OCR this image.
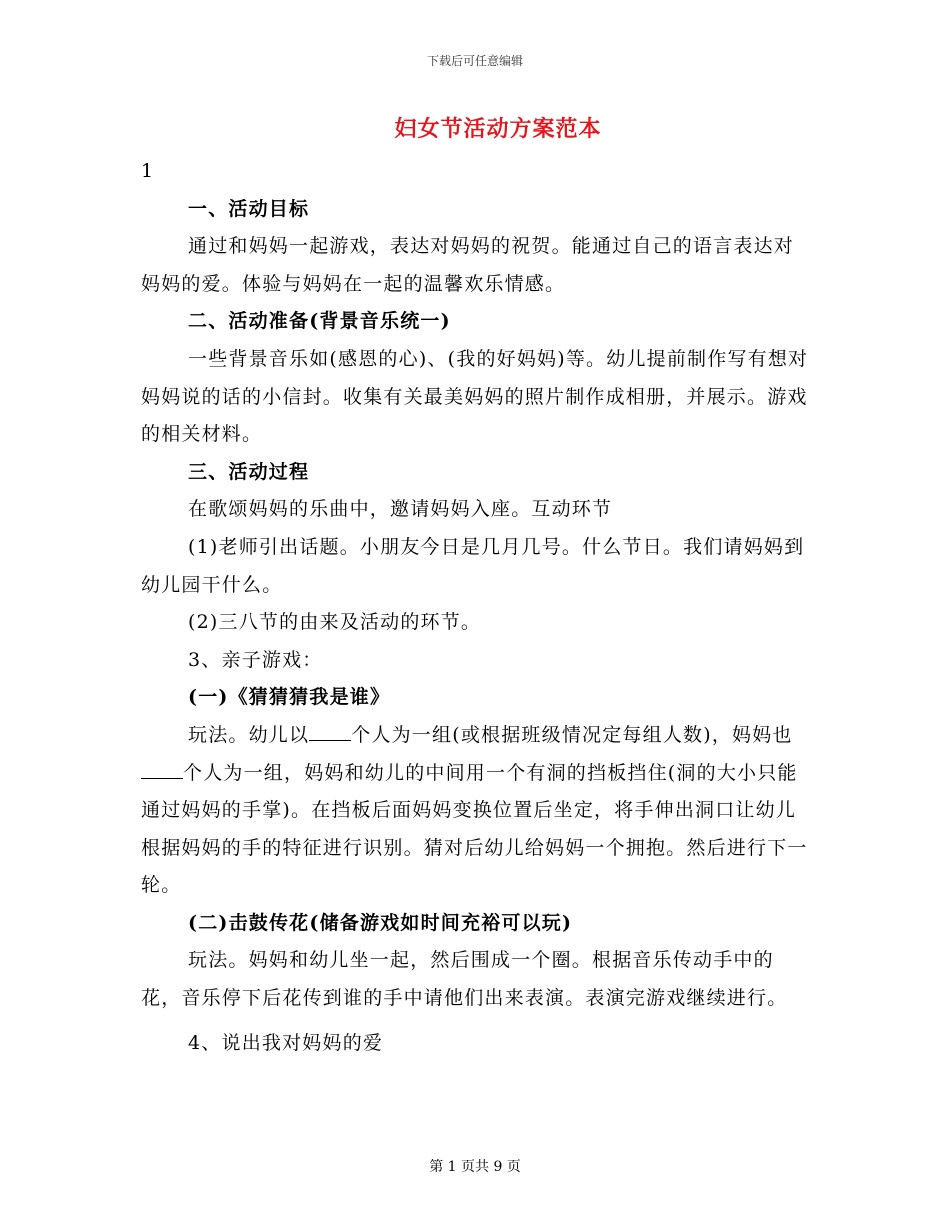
下载后可任意编辑
妇女节活动方案范本

1

一、活动目标

通过和妈妈一起游戏，表达对妈妈的祝贺。能通过自己的语言表达对妈妈的爱。体验与妈妈在一起的温馨欢乐情感。

二、活动准备(背景音乐统一)

一些背景音乐如(感恩的心)、(我的好妈妈)等。幼儿提前制作写有想对妈妈说的话的小信封。收集有关最美妈妈的照片制作成相册，并展示。游戏的相关材料。

三、活动过程

在歌颂妈妈的乐曲中，邀请妈妈入座。互动环节

(1)老师引出话题。小朋友今日是几月几号。什么节日。我们请妈妈到幼儿园干什么。

(2)三八节的由来及活动的环节。

3、亲子游戏：

(一)《猜猜猜我是谁》

玩法。幼儿以 个人为一组(或根据班级情况定每组人数)，妈妈也个人为一组，妈妈和幼儿的中间用一个有洞的挡板挡住(洞的大小只能通过妈妈的手掌)。在挡板后面妈妈变换位置后坐定，将手伸出洞口让幼儿根据妈妈的手的特征进行识别。猜对后幼儿给妈妈一个拥抱。然后进行下一轮。

(二)击鼓传花(储备游戏如时间充裕可以玩)

玩法。妈妈和幼儿坐一起，然后围成一个圈。根据音乐传动手中的花，音乐停下后花传到谁的手中请他们出来表演。表演完游戏继续进行。

4、说出我对妈妈的爱

第 1 页共 9 页
